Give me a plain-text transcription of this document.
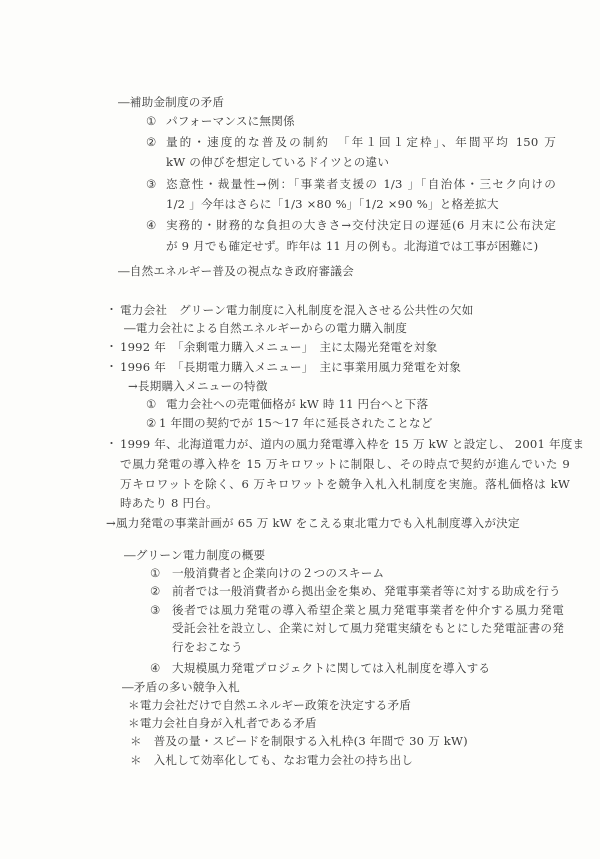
―補助金制度の矛盾
① パフォーマンスに無関係
② 量的・速度的な普及の制約　「年１回１定枠」、年間平均 150 万
kW の伸びを想定しているドイツとの違い
③ 恣意性・裁量性→例：「事業者支援の 1/3 」「自治体・三セク向けの
1/2 」今年はさらに「1/3 ×80 %」「1/2 ×90 %」と格差拡大
④ 実務的・財務的な負担の大きさ→交付決定日の遅延(6 月末に公布決定
が 9 月でも確定せず。昨年は 11 月の例も。北海道では工事が困難に)
―自然エネルギー普及の視点なき政府審議会
・ 電力会社　グリーン電力制度に入札制度を混入させる公共性の欠如
―電力会社による自然エネルギーからの電力購入制度
・ 1992 年　「余剰電力購入メニュー」　主に太陽光発電を対象
・ 1996 年　「長期電力購入メニュー」　主に事業用風力発電を対象
→長期購入メニューの特徴
① 電力会社への売電価格が kW 時 11 円台へと下落
② 1 年間の契約でが 15～17 年に延長されたことなど
・ 1999 年、北海道電力が、道内の風力発電導入枠を 15 万 kW と設定し、 2001 年度ま
で風力発電の導入枠を 15 万キロワットに制限し、その時点で契約が進んでいた 9
万キロワットを除く、6 万キロワットを競争入札入札制度を実施。落札価格は kW
時あたり 8 円台。
→風力発電の事業計画が 65 万 kW をこえる東北電力でも入札制度導入が決定
―グリーン電力制度の概要
① 一般消費者と企業向けの２つのスキーム
② 前者では一般消費者から拠出金を集め、発電事業者等に対する助成を行う
③ 後者では風力発電の導入希望企業と風力発電事業者を仲介する風力発電
受託会社を設立し、企業に対して風力発電実績をもとにした発電証書の発
行をおこなう
④ 大規模風力発電プロジェクトに関しては入札制度を導入する
―矛盾の多い競争入札
＊電力会社だけで自然エネルギー政策を決定する矛盾
＊電力会社自身が入札者である矛盾
＊　普及の量・スピードを制限する入札枠(3 年間で 30 万 kW)
＊　入札して効率化しても、なお電力会社の持ち出し
